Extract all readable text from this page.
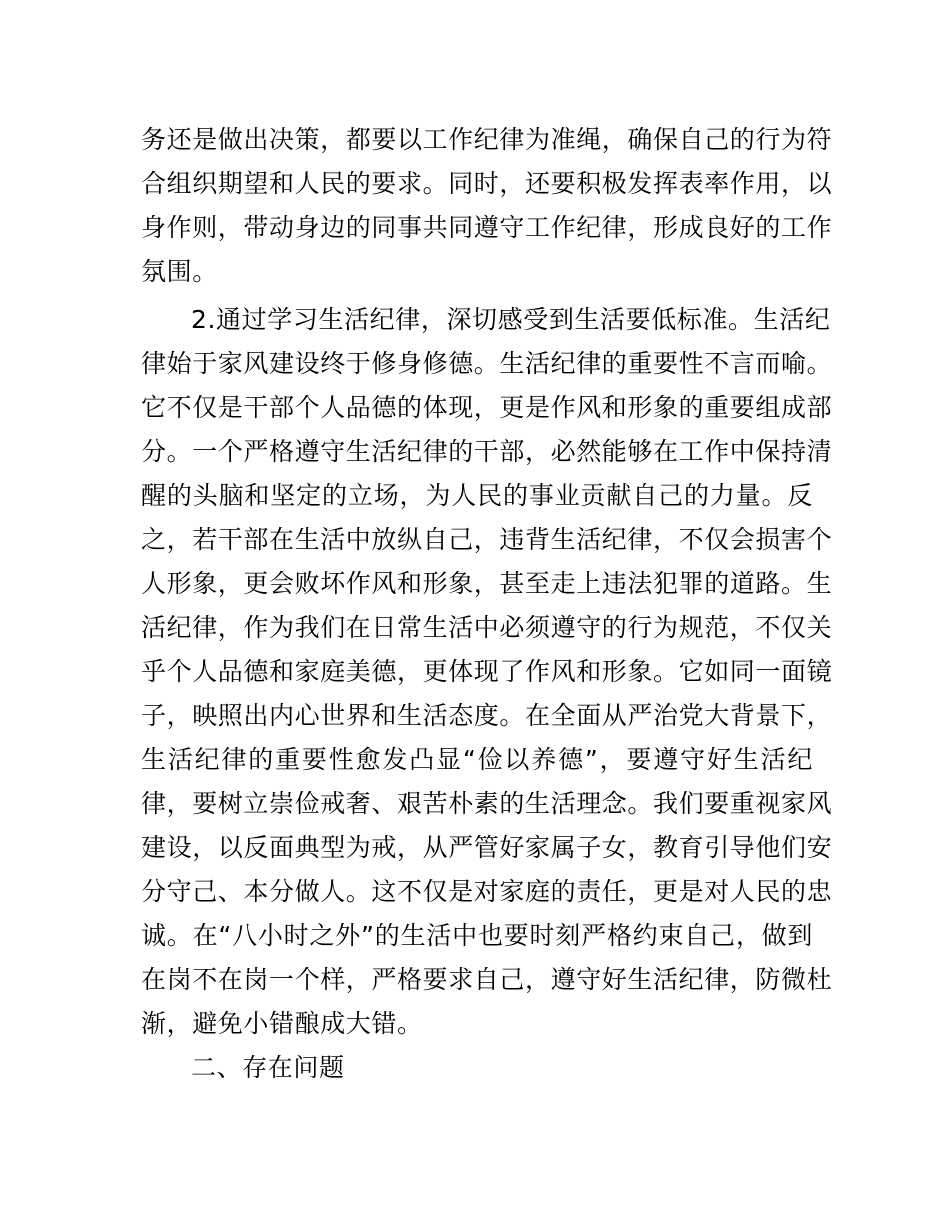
务还是做出决策，都要以工作纪律为准绳，确保自己的行为符
合组织期望和人民的要求。同时，还要积极发挥表率作用，以
身作则，带动身边的同事共同遵守工作纪律，形成良好的工作
氛围。
2.通过学习生活纪律，深切感受到生活要低标准。生活纪
律始于家风建设终于修身修德。生活纪律的重要性不言而喻。
它不仅是干部个人品德的体现，更是作风和形象的重要组成部
分。一个严格遵守生活纪律的干部，必然能够在工作中保持清
醒的头脑和坚定的立场，为人民的事业贡献自己的力量。反
之，若干部在生活中放纵自己，违背生活纪律，不仅会损害个
人形象，更会败坏作风和形象，甚至走上违法犯罪的道路。生
活纪律，作为我们在日常生活中必须遵守的行为规范，不仅关
乎个人品德和家庭美德，更体现了作风和形象。它如同一面镜
子，映照出内心世界和生活态度。在全面从严治党大背景下，
生活纪律的重要性愈发凸显“俭以养德”，要遵守好生活纪
律，要树立崇俭戒奢、艰苦朴素的生活理念。我们要重视家风
建设，以反面典型为戒，从严管好家属子女，教育引导他们安
分守己、本分做人。这不仅是对家庭的责任，更是对人民的忠
诚。在“八小时之外”的生活中也要时刻严格约束自己，做到
在岗不在岗一个样，严格要求自己，遵守好生活纪律，防微杜
渐，避免小错酿成大错。
二、存在问题
